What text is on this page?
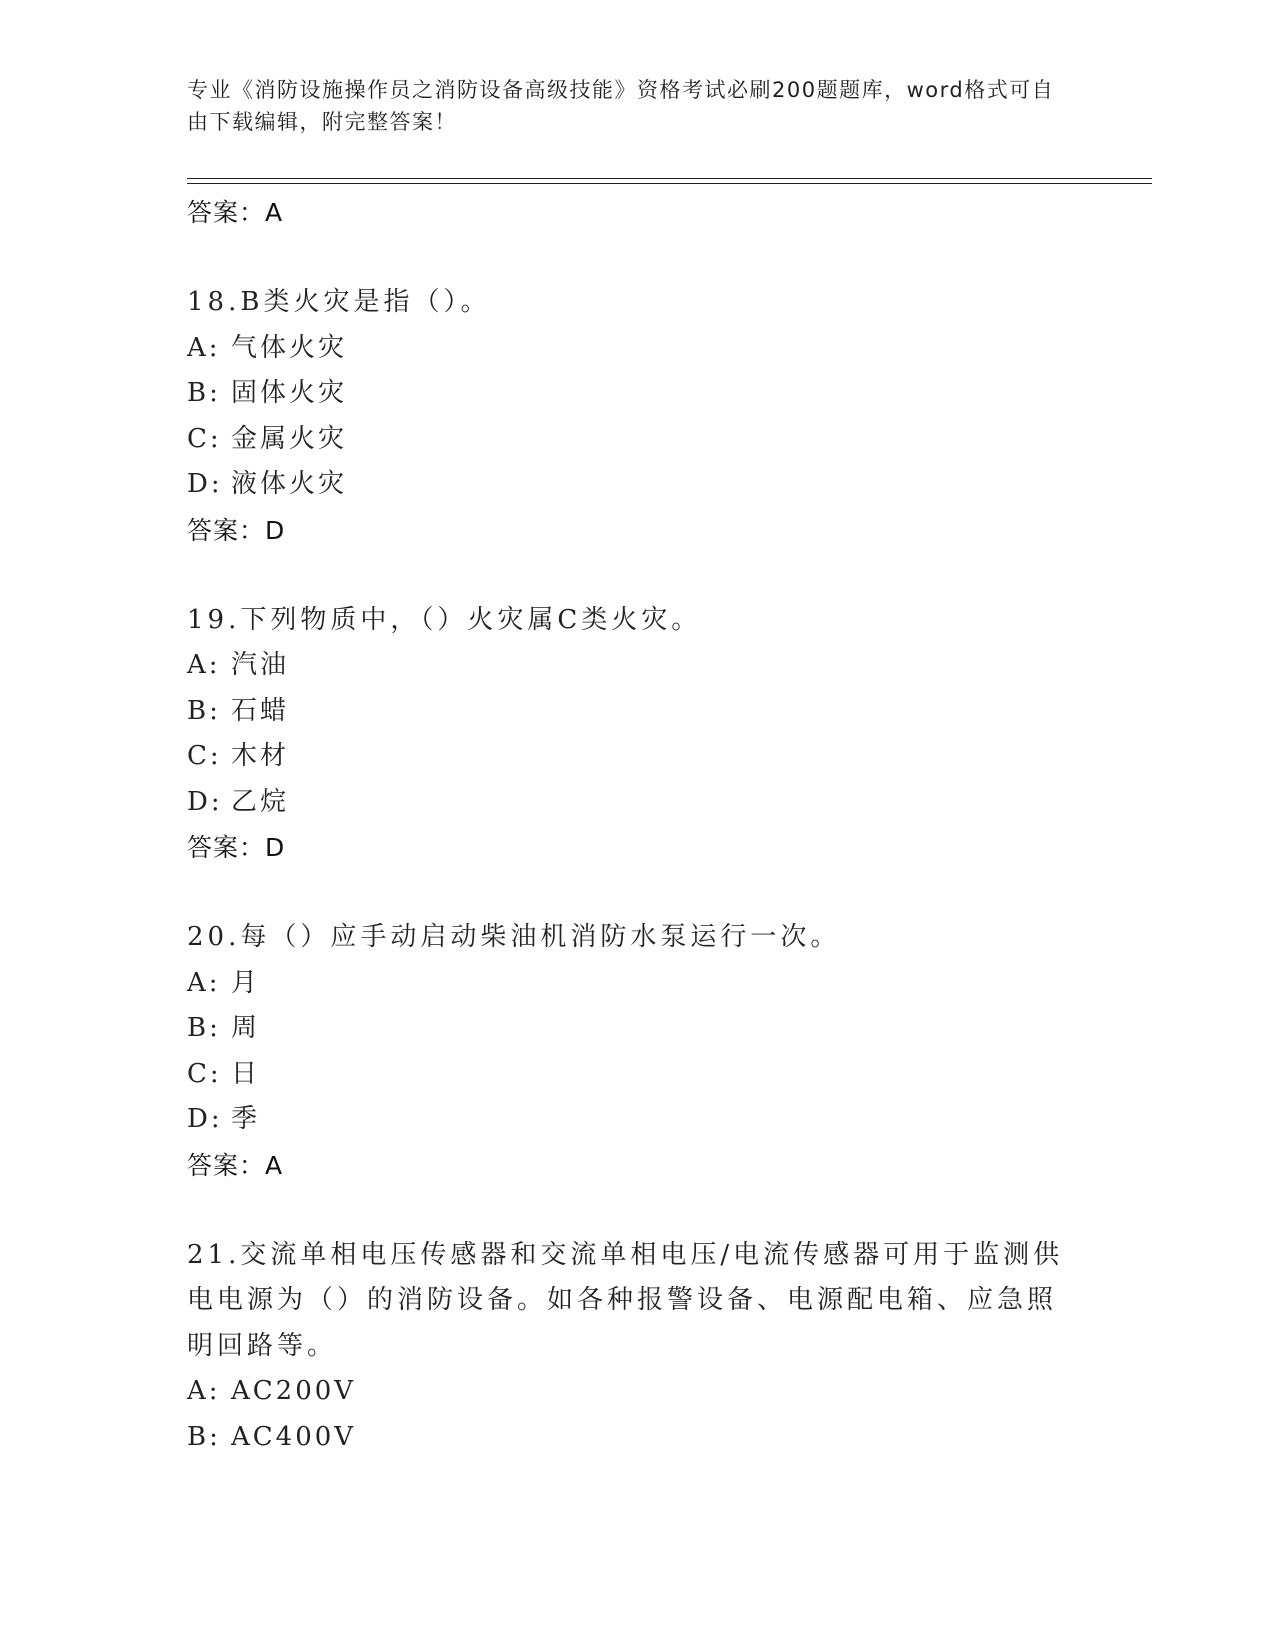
专业《消防设施操作员之消防设备高级技能》资格考试必刷200题题库，word格式可自由下载编辑，附完整答案！
答案：A
18.B类火灾是指（）。
A: 气体火灾
B: 固体火灾
C: 金属火灾
D: 液体火灾
答案：D
19.下列物质中，（）火灾属C类火灾。
A: 汽油
B: 石蜡
C: 木材
D: 乙烷
答案：D
20.每（）应手动启动柴油机消防水泵运行一次。
A: 月
B: 周
C: 日
D: 季
答案：A
21.交流单相电压传感器和交流单相电压/电流传感器可用于监测供电电源为（）的消防设备。如各种报警设备、电源配电箱、应急照明回路等。
A: AC200V
B: AC400V
